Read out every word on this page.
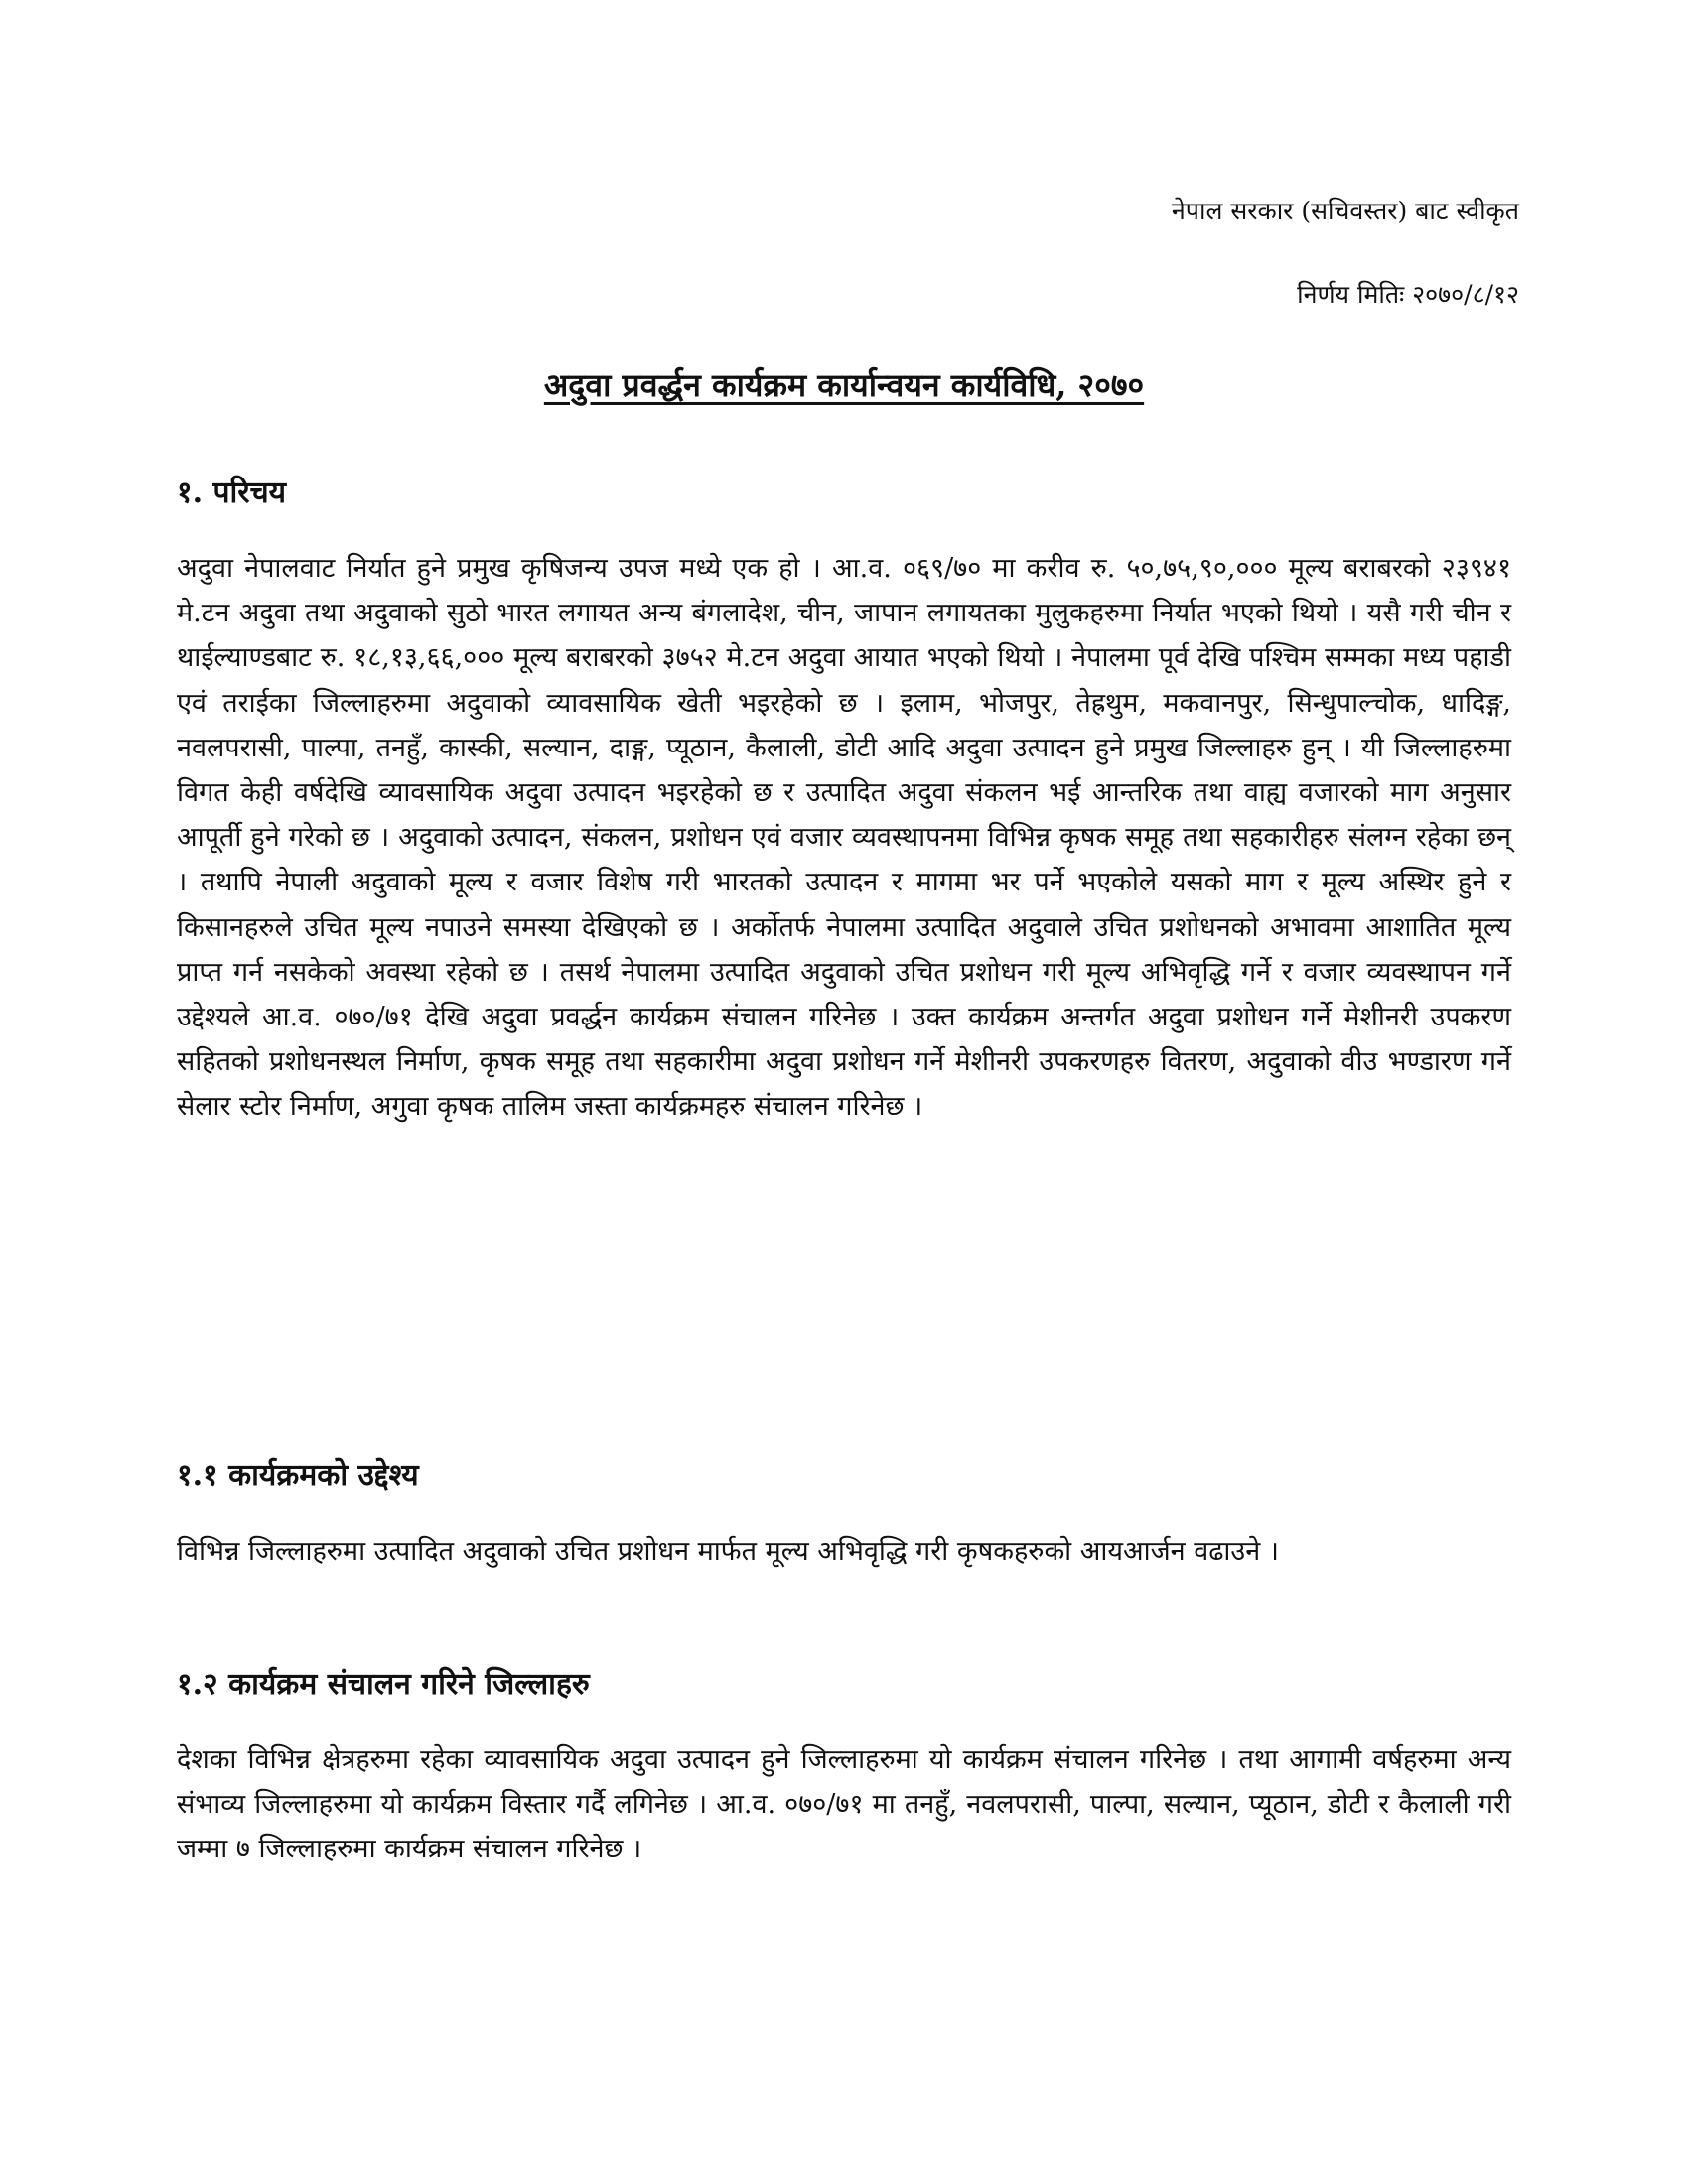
नेपाल सरकार (सचिवस्तर) बाट स्वीकृत
निर्णय मितिः २०७०/८/१२
अदुवा प्रवर्द्धन कार्यक्रम कार्यान्वयन कार्यविधि, २०७०
१. परिचय

अदुवा नेपालवाट निर्यात हुने प्रमुख कृषिजन्य उपज मध्ये एक हो । आ.व. ०६९/७० मा करीव रु. ५०,७५,९०,००० मूल्य बराबरको २३९४१ मे.टन अदुवा तथा अदुवाको सुठो भारत लगायत अन्य बंगलादेश, चीन, जापान लगायतका मुलुकहरुमा निर्यात भएको थियो । यसै गरी चीन र थाईल्याण्डबाट रु. १८,१३,६६,००० मूल्य बराबरको ३७५२ मे.टन अदुवा आयात भएको थियो । नेपालमा पूर्व देखि पश्चिम सम्मका मध्य पहाडी एवं तराईका जिल्लाहरुमा अदुवाको व्यावसायिक खेती भइरहेको छ । इलाम, भोजपुर, तेह्रथुम, मकवानपुर, सिन्धुपाल्चोक, धादिङ्ग, नवलपरासी, पाल्पा, तनहुँ, कास्की, सल्यान, दाङ्ग, प्यूठान, कैलाली, डोटी आदि अदुवा उत्पादन हुने प्रमुख जिल्लाहरु हुन् । यी जिल्लाहरुमा विगत केही वर्षदेखि व्यावसायिक अदुवा उत्पादन भइरहेको छ र उत्पादित अदुवा संकलन भई आन्तरिक तथा वाह्य वजारको माग अनुसार आपूर्ती हुने गरेको छ । अदुवाको उत्पादन, संकलन, प्रशोधन एवं वजार व्यवस्थापनमा विभिन्न कृषक समूह तथा सहकारीहरु संलग्न रहेका छन् । तथापि नेपाली अदुवाको मूल्य र वजार विशेष गरी भारतको उत्पादन र मागमा भर पर्ने भएकोले यसको माग र मूल्य अस्थिर हुने र किसानहरुले उचित मूल्य नपाउने समस्या देखिएको छ । अर्कोतर्फ नेपालमा उत्पादित अदुवाले उचित प्रशोधनको अभावमा आशातित मूल्य प्राप्त गर्न नसकेको अवस्था रहेको छ । तसर्थ नेपालमा उत्पादित अदुवाको उचित प्रशोधन गरी मूल्य अभिवृद्धि गर्ने र वजार व्यवस्थापन गर्ने उद्देश्यले आ.व. ०७०/७१ देखि अदुवा प्रवर्द्धन कार्यक्रम संचालन गरिनेछ । उक्त कार्यक्रम अन्तर्गत अदुवा प्रशोधन गर्ने मेशीनरी उपकरण सहितको प्रशोधनस्थल निर्माण, कृषक समूह तथा सहकारीमा अदुवा प्रशोधन गर्ने मेशीनरी उपकरणहरु वितरण, अदुवाको वीउ भण्डारण गर्ने सेलार स्टोर निर्माण, अगुवा कृषक तालिम जस्ता कार्यक्रमहरु संचालन गरिनेछ ।

१.१ कार्यक्रमको उद्देश्य

विभिन्न जिल्लाहरुमा उत्पादित अदुवाको उचित प्रशोधन मार्फत मूल्य अभिवृद्धि गरी कृषकहरुको आयआर्जन वढाउने ।

१.२ कार्यक्रम संचालन गरिने जिल्लाहरु

देशका विभिन्न क्षेत्रहरुमा रहेका व्यावसायिक अदुवा उत्पादन हुने जिल्लाहरुमा यो कार्यक्रम संचालन गरिनेछ । तथा आगामी वर्षहरुमा अन्य संभाव्य जिल्लाहरुमा यो कार्यक्रम विस्तार गर्दै लगिनेछ । आ.व. ०७०/७१ मा तनहुँ, नवलपरासी, पाल्पा, सल्यान, प्यूठान, डोटी र कैलाली गरी जम्मा ७ जिल्लाहरुमा कार्यक्रम संचालन गरिनेछ ।
